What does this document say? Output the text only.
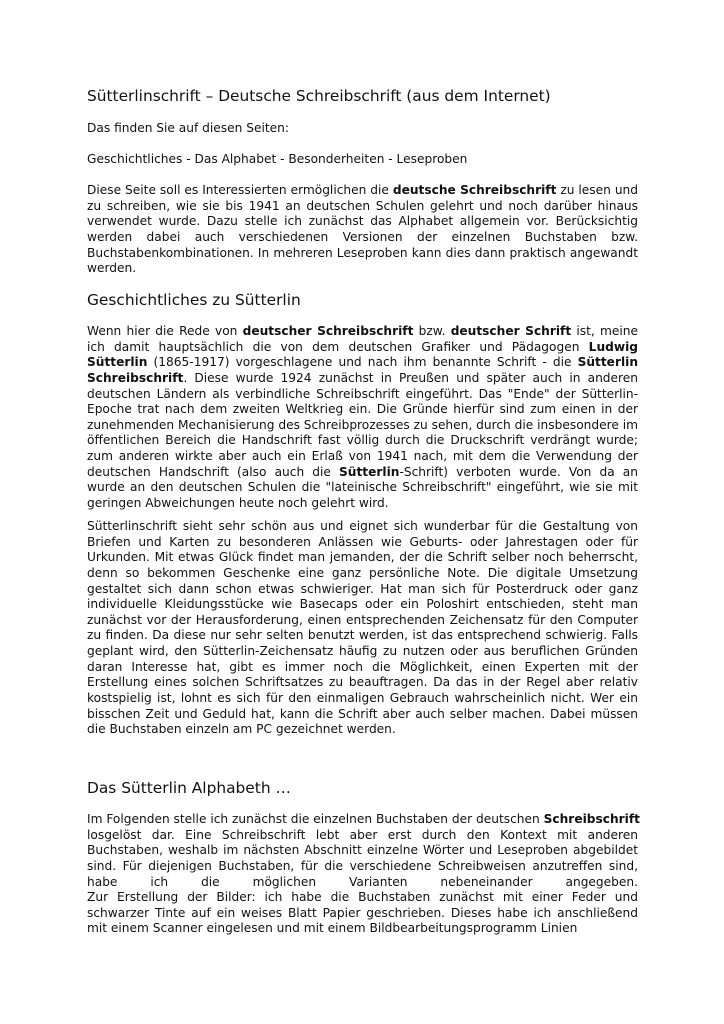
Sütterlinschrift – Deutsche Schreibschrift (aus dem Internet)
Das finden Sie auf diesen Seiten:
Geschichtliches - Das Alphabet - Besonderheiten - Leseproben

Diese Seite soll es Interessierten ermöglichen die deutsche Schreibschrift zu lesen und
zu schreiben, wie sie bis 1941 an deutschen Schulen gelehrt und noch darüber hinaus
verwendet wurde. Dazu stelle ich zunächst das Alphabet allgemein vor. Berücksichtig
werden dabei auch verschiedenen Versionen der einzelnen Buchstaben bzw.
Buchstabenkombinationen. In mehreren Leseproben kann dies dann praktisch angewandt
werden.

Geschichtliches zu Sütterlin

Wenn hier die Rede von deutscher Schreibschrift bzw. deutscher Schrift ist, meine
ich damit hauptsächlich die von dem deutschen Grafiker und Pädagogen Ludwig
Sütterlin (1865-1917) vorgeschlagene und nach ihm benannte Schrift - die Sütterlin
Schreibschrift. Diese wurde 1924 zunächst in Preußen und später auch in anderen
deutschen Ländern als verbindliche Schreibschrift eingeführt. Das "Ende" der Sütterlin-
Epoche trat nach dem zweiten Weltkrieg ein. Die Gründe hierfür sind zum einen in der
zunehmenden Mechanisierung des Schreibprozesses zu sehen, durch die insbesondere im
öffentlichen Bereich die Handschrift fast völlig durch die Druckschrift verdrängt wurde;
zum anderen wirkte aber auch ein Erlaß von 1941 nach, mit dem die Verwendung der
deutschen Handschrift (also auch die Sütterlin-Schrift) verboten wurde. Von da an
wurde an den deutschen Schulen die "lateinische Schreibschrift" eingeführt, wie sie mit
geringen Abweichungen heute noch gelehrt wird.

Sütterlinschrift sieht sehr schön aus und eignet sich wunderbar für die Gestaltung von
Briefen und Karten zu besonderen Anlässen wie Geburts- oder Jahrestagen oder für
Urkunden. Mit etwas Glück findet man jemanden, der die Schrift selber noch beherrscht,
denn so bekommen Geschenke eine ganz persönliche Note. Die digitale Umsetzung
gestaltet sich dann schon etwas schwieriger. Hat man sich für Posterdruck oder ganz
individuelle Kleidungsstücke wie Basecaps oder ein Poloshirt entschieden, steht man
zunächst vor der Herausforderung, einen entsprechenden Zeichensatz für den Computer
zu finden. Da diese nur sehr selten benutzt werden, ist das entsprechend schwierig. Falls
geplant wird, den Sütterlin-Zeichensatz häufig zu nutzen oder aus beruflichen Gründen
daran Interesse hat, gibt es immer noch die Möglichkeit, einen Experten mit der
Erstellung eines solchen Schriftsatzes zu beauftragen. Da das in der Regel aber relativ
kostspielig ist, lohnt es sich für den einmaligen Gebrauch wahrscheinlich nicht. Wer ein
bisschen Zeit und Geduld hat, kann die Schrift aber auch selber machen. Dabei müssen
die Buchstaben einzeln am PC gezeichnet werden.

Das Sütterlin Alphabeth …

Im Folgenden stelle ich zunächst die einzelnen Buchstaben der deutschen Schreibschrift
losgelöst dar. Eine Schreibschrift lebt aber erst durch den Kontext mit anderen
Buchstaben, weshalb im nächsten Abschnitt einzelne Wörter und Leseproben abgebildet
sind. Für diejenigen Buchstaben, für die verschiedene Schreibweisen anzutreffen sind,
habe ich die möglichen Varianten nebeneinander angegeben.
Zur Erstellung der Bilder: ich habe die Buchstaben zunächst mit einer Feder und
schwarzer Tinte auf ein weises Blatt Papier geschrieben. Dieses habe ich anschließend
mit einem Scanner eingelesen und mit einem Bildbearbeitungsprogramm Linien
